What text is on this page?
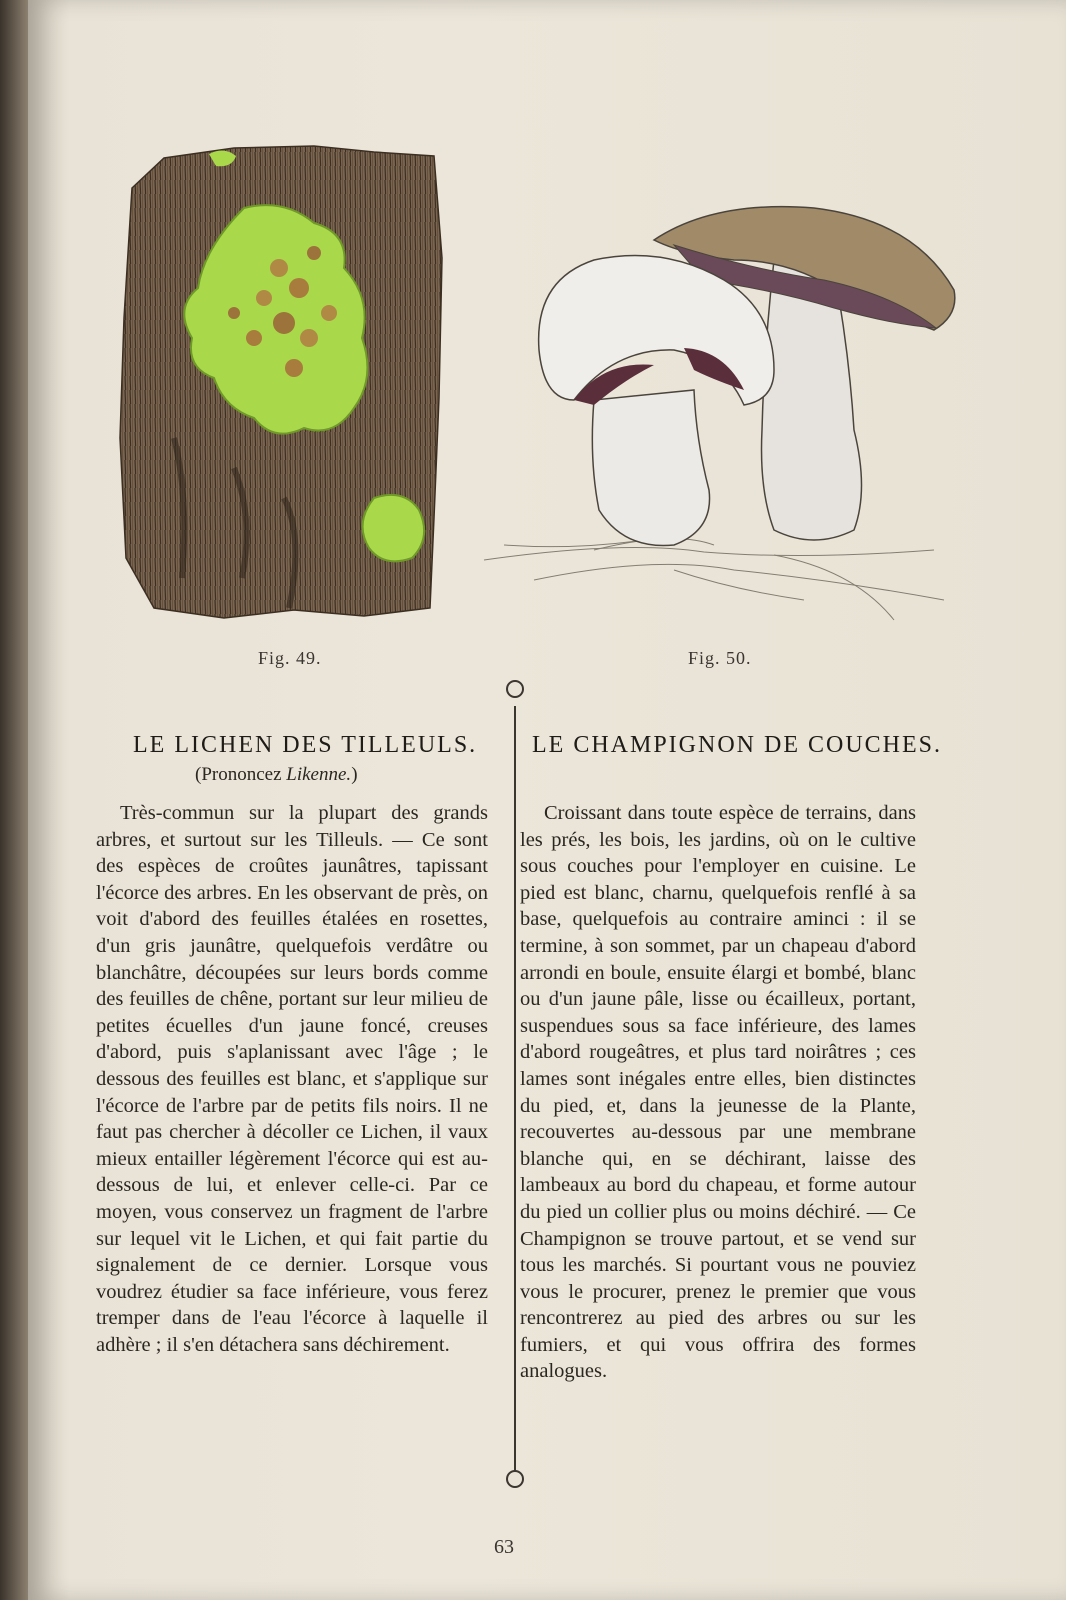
Fig. 49.	Fig. 50.
LE LICHEN DES TILLEULS.
(Prononcez Likenne.)

Très-commun sur la plupart des grands arbres, et surtout sur les Tilleuls. — Ce sont des espèces de croûtes jaunâtres, tapissant l'écorce des arbres. En les observant de près, on voit d'abord des feuilles étalées en rosettes, d'un gris jaunâtre, quelquefois verdâtre ou blanchâtre, découpées sur leurs bords comme des feuilles de chêne, portant sur leur milieu de petites écuelles d'un jaune foncé, creuses d'abord, puis s'aplanissant avec l'âge ; le dessous des feuilles est blanc, et s'applique sur l'écorce de l'arbre par de petits fils noirs. Il ne faut pas chercher à décoller ce Lichen, il vaux mieux entailler légèrement l'écorce qui est au-dessous de lui, et enlever celle-ci. Par ce moyen, vous conservez un fragment de l'arbre sur lequel vit le Lichen, et qui fait partie du signalement de ce dernier. Lorsque vous voudrez étudier sa face inférieure, vous ferez tremper dans de l'eau l'écorce à laquelle il adhère ; il s'en détachera sans déchirement.

LE CHAMPIGNON DE COUCHES.

Croissant dans toute espèce de terrains, dans les prés, les bois, les jardins, où on le cultive sous couches pour l'employer en cuisine. Le pied est blanc, charnu, quelquefois renflé à sa base, quelquefois au contraire aminci : il se termine, à son sommet, par un chapeau d'abord arrondi en boule, ensuite élargi et bombé, blanc ou d'un jaune pâle, lisse ou écailleux, portant, suspendues sous sa face inférieure, des lames d'abord rougeâtres, et plus tard noirâtres ; ces lames sont inégales entre elles, bien distinctes du pied, et, dans la jeunesse de la Plante, recouvertes au-dessous par une membrane blanche qui, en se déchirant, laisse des lambeaux au bord du chapeau, et forme autour du pied un collier plus ou moins déchiré. — Ce Champignon se trouve partout, et se vend sur tous les marchés. Si pourtant vous ne pouviez vous le procurer, prenez le premier que vous rencontrerez au pied des arbres ou sur les fumiers, et qui vous offrira des formes analogues.

63
